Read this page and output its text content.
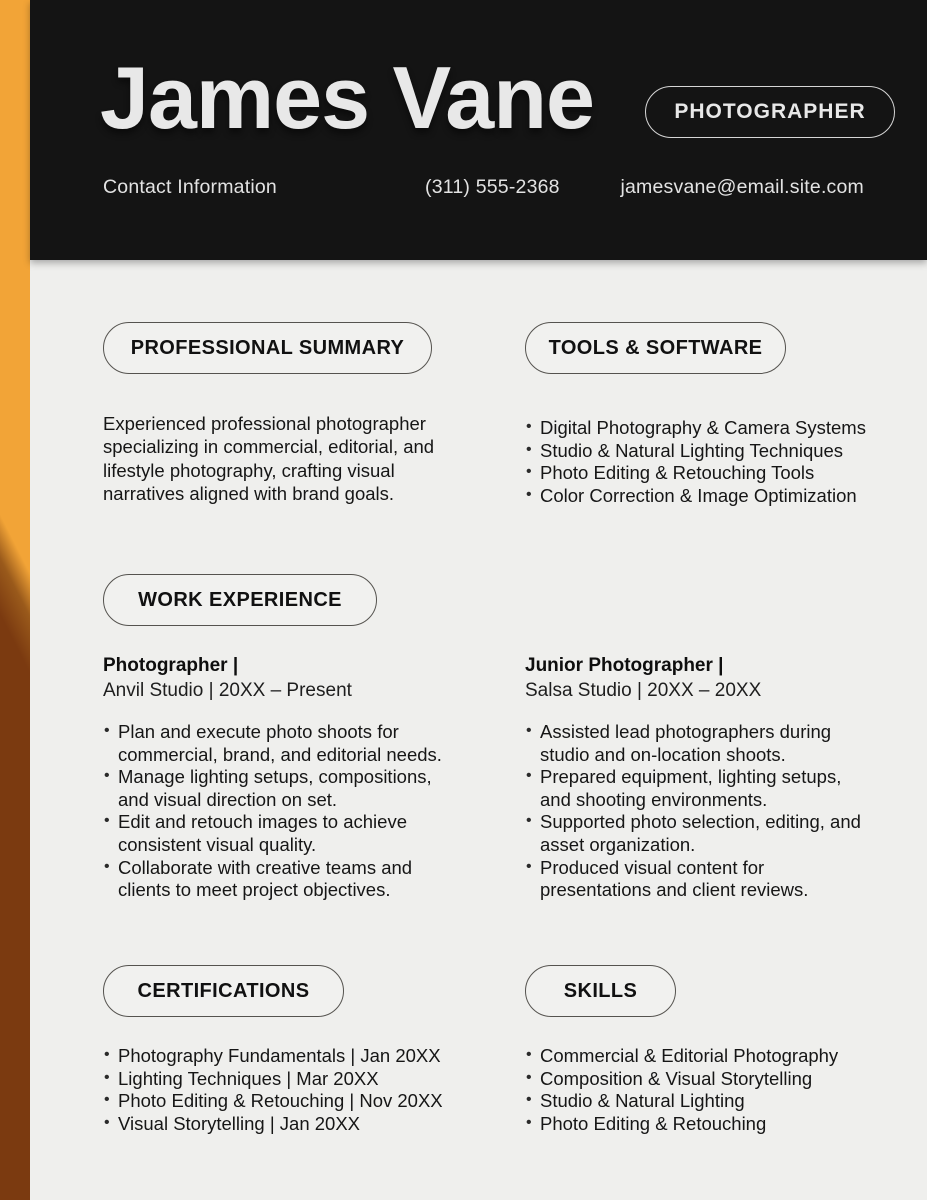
James Vane	PHOTOGRAPHER
Contact Information	(311) 555-2368	jamesvane@email.site.com
PROFESSIONAL SUMMARY	TOOLS & SOFTWARE

Experienced professional photographer specializing in commercial, editorial, and lifestyle photography, crafting visual narratives aligned with brand goals.

• Digital Photography & Camera Systems
• Studio & Natural Lighting Techniques
• Photo Editing & Retouching Tools
• Color Correction & Image Optimization
WORK EXPERIENCE
Photographer |
Anvil Studio | 20XX – Present
Junior Photographer |
Salsa Studio | 20XX – 20XX
• Plan and execute photo shoots for commercial, brand, and editorial needs.
• Manage lighting setups, compositions, and visual direction on set.
• Edit and retouch images to achieve consistent visual quality.
• Collaborate with creative teams and clients to meet project objectives.
• Assisted lead photographers during studio and on-location shoots.
• Prepared equipment, lighting setups, and shooting environments.
• Supported photo selection, editing, and asset organization.
• Produced visual content for presentations and client reviews.
CERTIFICATIONS	SKILLS
• Photography Fundamentals | Jan 20XX
• Lighting Techniques | Mar 20XX
• Photo Editing & Retouching | Nov 20XX
• Visual Storytelling | Jan 20XX
• Commercial & Editorial Photography
• Composition & Visual Storytelling
• Studio & Natural Lighting
• Photo Editing & Retouching
